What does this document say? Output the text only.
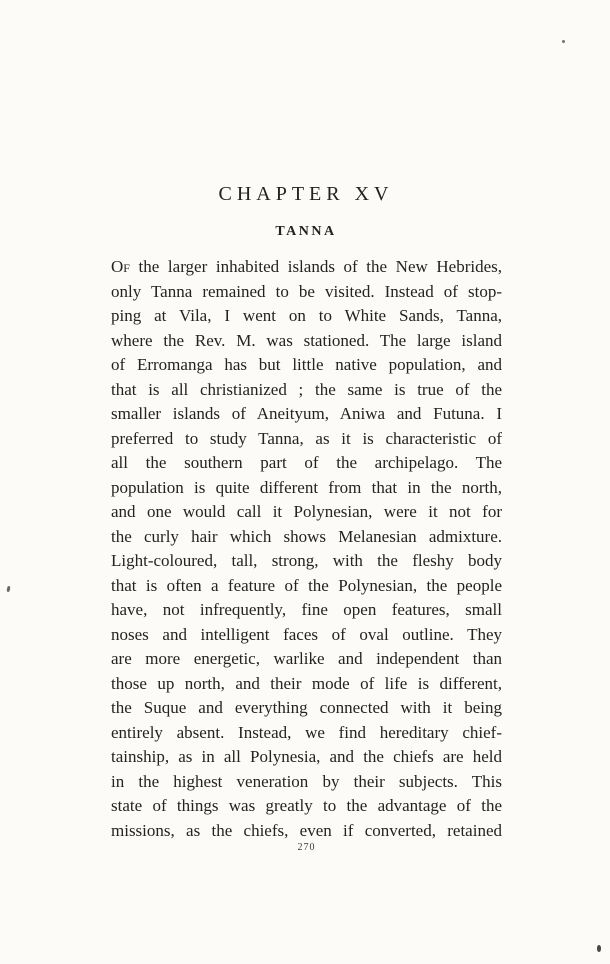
CHAPTER XV
TANNA
Of the larger inhabited islands of the New Hebrides,
only Tanna remained to be visited. Instead of stop-
ping at Vila, I went on to White Sands, Tanna,
where the Rev. M. was stationed. The large island
of Erromanga has but little native population, and
that is all christianized ; the same is true of the
smaller islands of Aneityum, Aniwa and Futuna. I
preferred to study Tanna, as it is characteristic of
all the southern part of the archipelago. The
population is quite different from that in the north,
and one would call it Polynesian, were it not for
the curly hair which shows Melanesian admixture.
Light-coloured, tall, strong, with the fleshy body
that is often a feature of the Polynesian, the people
have, not infrequently, fine open features, small
noses and intelligent faces of oval outline. They
are more energetic, warlike and independent than
those up north, and their mode of life is different,
the Suque and everything connected with it being
entirely absent. Instead, we find hereditary chief-
tainship, as in all Polynesia, and the chiefs are held
in the highest veneration by their subjects. This
state of things was greatly to the advantage of the
missions, as the chiefs, even if converted, retained
270
